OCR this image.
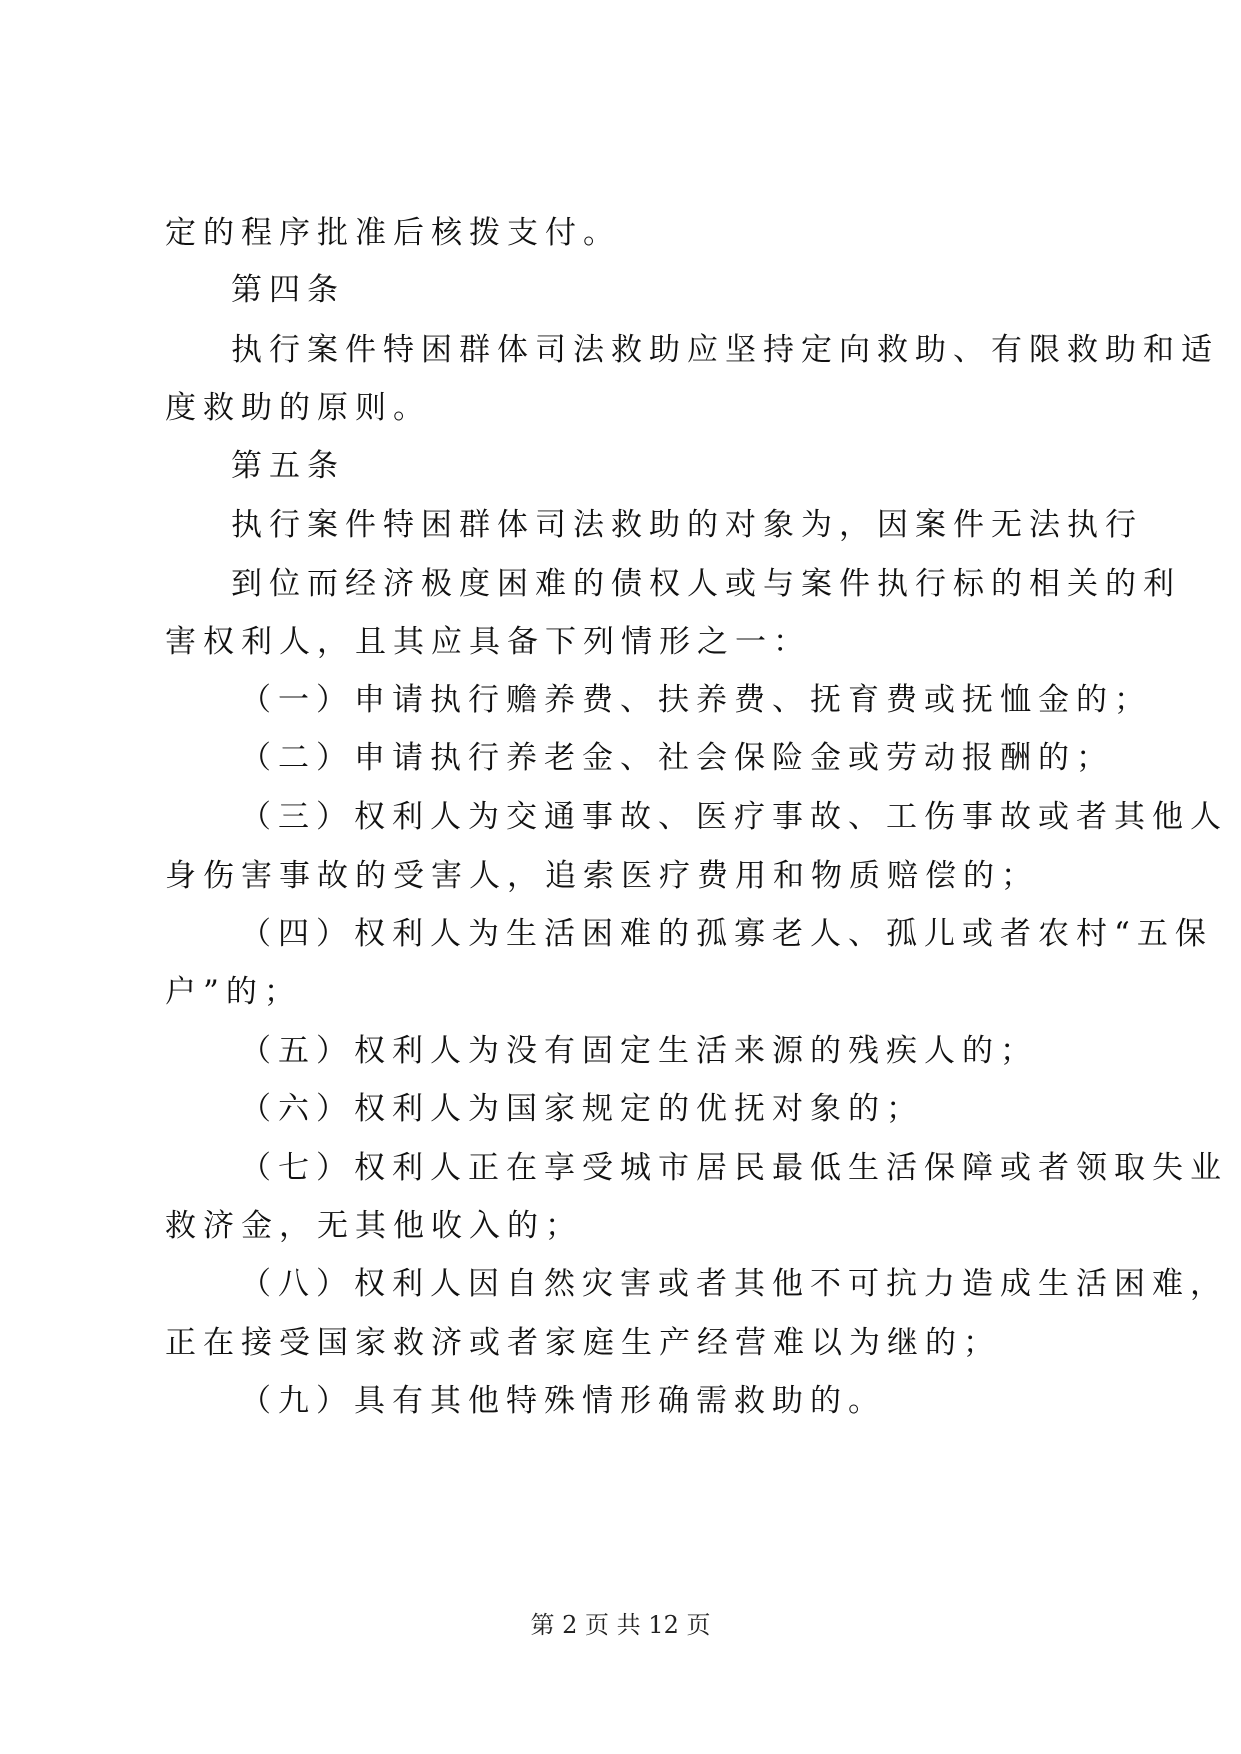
定的程序批准后核拨支付。
第四条
执行案件特困群体司法救助应坚持定向救助、有限救助和适
度救助的原则。
第五条
执行案件特困群体司法救助的对象为，因案件无法执行
到位而经济极度困难的债权人或与案件执行标的相关的利
害权利人，且其应具备下列情形之一：
（一）申请执行赡养费、扶养费、抚育费或抚恤金的；
（二）申请执行养老金、社会保险金或劳动报酬的；
（三）权利人为交通事故、医疗事故、工伤事故或者其他人
身伤害事故的受害人，追索医疗费用和物质赔偿的；
（四）权利人为生活困难的孤寡老人、孤儿或者农村“五保
户”的；
（五）权利人为没有固定生活来源的残疾人的；
（六）权利人为国家规定的优抚对象的；
（七）权利人正在享受城市居民最低生活保障或者领取失业
救济金，无其他收入的；
（八）权利人因自然灾害或者其他不可抗力造成生活困难，
正在接受国家救济或者家庭生产经营难以为继的；
（九）具有其他特殊情形确需救助的。
第 2 页 共 12 页
